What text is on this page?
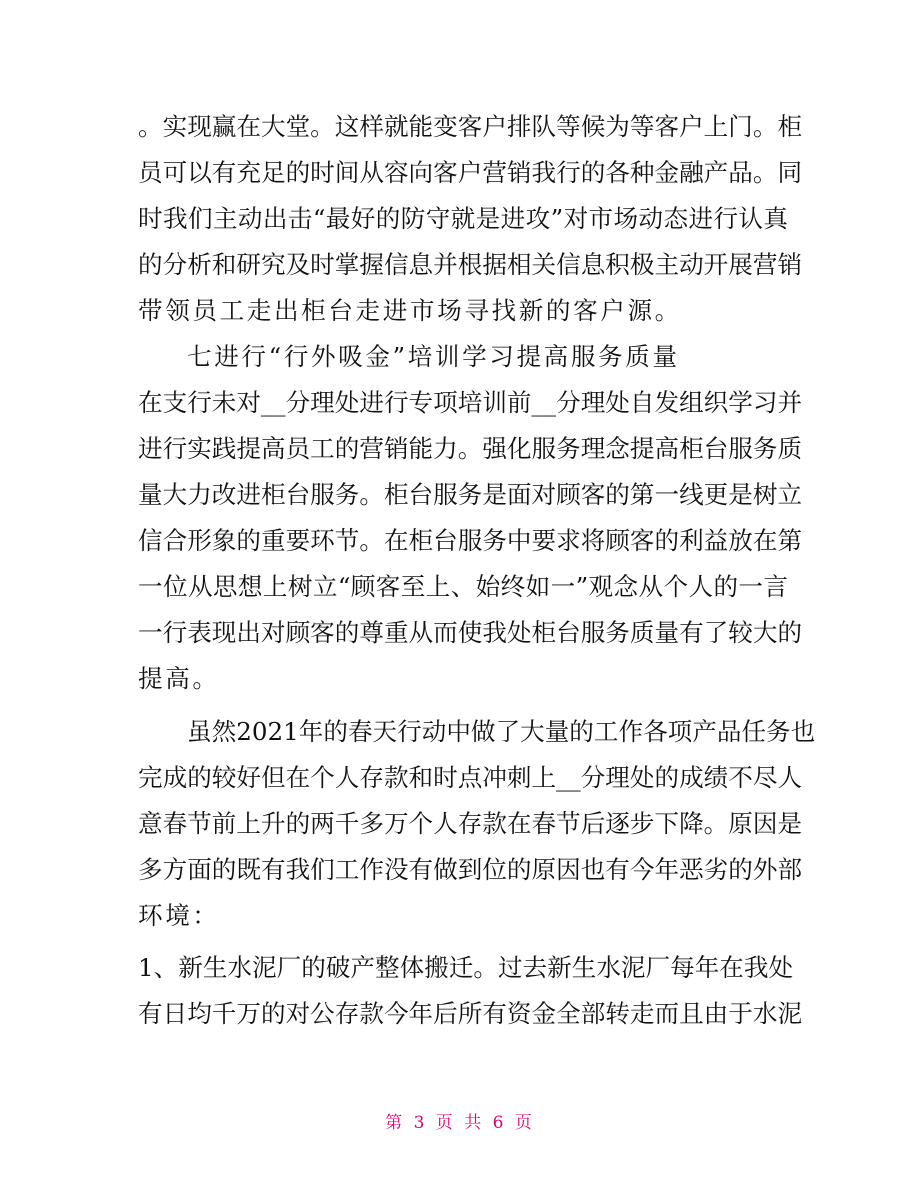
。实现赢在大堂。这样就能变客户排队等候为等客户上门。柜
员可以有充足的时间从容向客户营销我行的各种金融产品。同
时我们主动出击“最好的防守就是进攻”对市场动态进行认真
的分析和研究及时掌握信息并根据相关信息积极主动开展营销
带领员工走出柜台走进市场寻找新的客户源。
七进行“行外吸金”培训学习提高服务质量
在支行未对__分理处进行专项培训前__分理处自发组织学习并
进行实践提高员工的营销能力。强化服务理念提高柜台服务质
量大力改进柜台服务。柜台服务是面对顾客的第一线更是树立
信合形象的重要环节。在柜台服务中要求将顾客的利益放在第
一位从思想上树立“顾客至上、始终如一”观念从个人的一言
一行表现出对顾客的尊重从而使我处柜台服务质量有了较大的
提高。
虽然2021年的春天行动中做了大量的工作各项产品任务也
完成的较好但在个人存款和时点冲刺上__分理处的成绩不尽人
意春节前上升的两千多万个人存款在春节后逐步下降。原因是
多方面的既有我们工作没有做到位的原因也有今年恶劣的外部
环境：
1、新生水泥厂的破产整体搬迁。过去新生水泥厂每年在我处
有日均千万的对公存款今年后所有资金全部转走而且由于水泥
第 3 页 共 6 页
